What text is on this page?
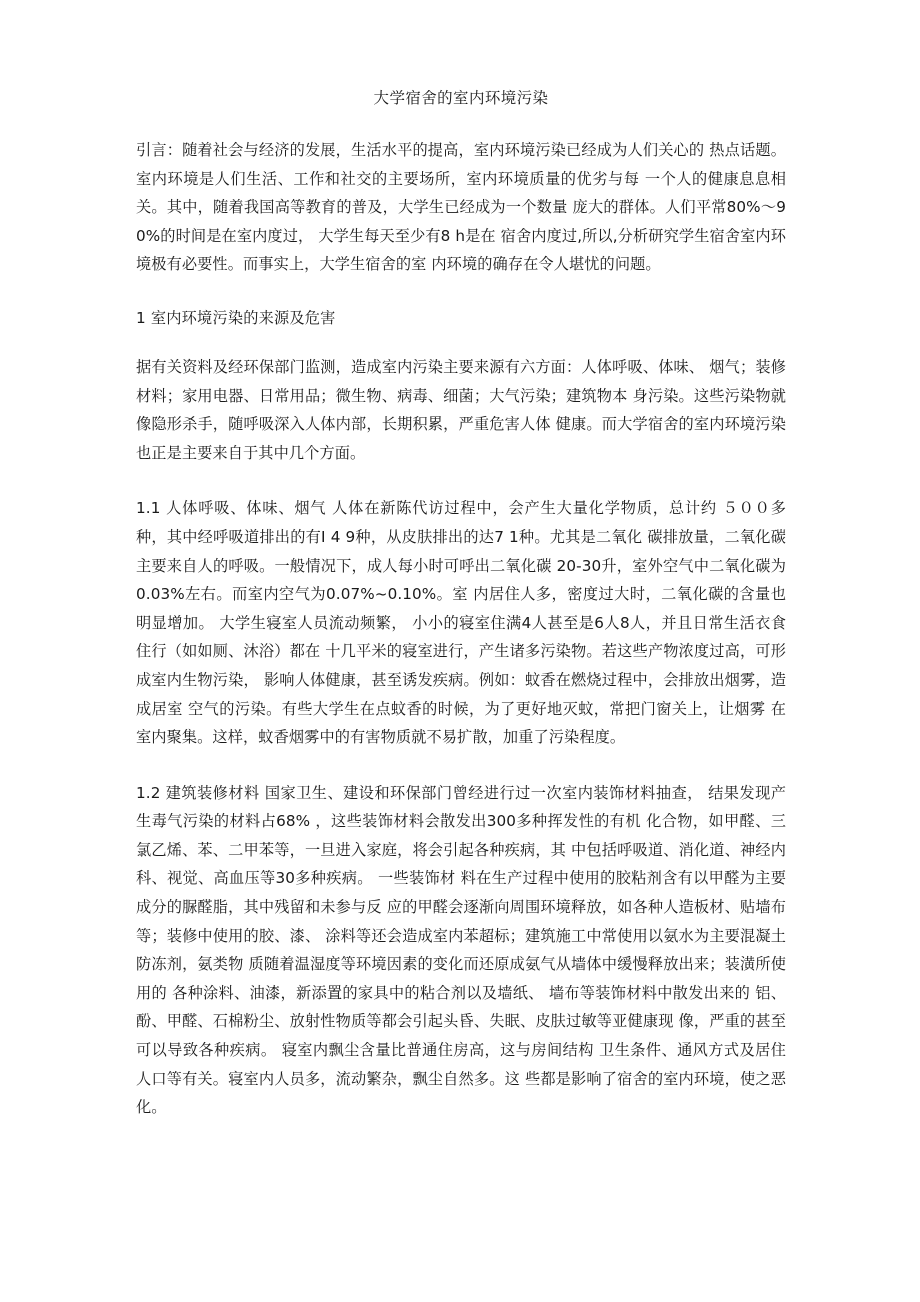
大学宿舍的室内环境污染

引言：随着社会与经济的发展，生活水平的提高，室内环境污染已经成为人们关心的 热点话题。室内环境是人们生活、工作和社交的主要场所，室内环境质量的优劣与每 一个人的健康息息相关。其中，随着我国高等教育的普及，大学生已经成为一个数量 庞大的群体。人们平常80%～90%的时间是在室内度过， 大学生每天至少有8 h是在 宿舍内度过,所以,分析研究学生宿舍室内环境极有必要性。而事实上，大学生宿舍的室 内环境的确存在令人堪忧的问题。

1 室内环境污染的来源及危害

据有关资料及经环保部门监测，造成室内污染主要来源有六方面：人体呼吸、体味、 烟气；装修材料；家用电器、日常用品；微生物、病毒、细菌；大气污染；建筑物本 身污染。这些污染物就像隐形杀手，随呼吸深入人体内部，长期积累，严重危害人体 健康。而大学宿舍的室内环境污染也正是主要来自于其中几个方面。

1.1 人体呼吸、体味、烟气 人体在新陈代访过程中，会产生大量化学物质，总计约 ５００多种，其中经呼吸道排出的有I 4 9种，从皮肤排出的达7 1种。尤其是二氧化 碳排放量，二氧化碳主要来自人的呼吸。一般情况下，成人每小时可呼出二氧化碳 20-30升，室外空气中二氧化碳为0.03%左右。而室内空气为0.07%~0.10%。室 内居住人多，密度过大时，二氧化碳的含量也明显增加。 大学生寝室人员流动频繁， 小小的寝室住满4人甚至是6人8人，并且日常生活衣食住行（如如厕、沐浴）都在 十几平米的寝室进行，产生诸多污染物。若这些产物浓度过高，可形成室内生物污染， 影响人体健康，甚至诱发疾病。例如：蚊香在燃烧过程中，会排放出烟雾，造成居室 空气的污染。有些大学生在点蚊香的时候，为了更好地灭蚊，常把门窗关上，让烟雾 在室内聚集。这样，蚊香烟雾中的有害物质就不易扩散，加重了污染程度。

1.2 建筑装修材料 国家卫生、建设和环保部门曾经进行过一次室内装饰材料抽查， 结果发现产生毒气污染的材料占68% ，这些装饰材料会散发出300多种挥发性的有机 化合物，如甲醛、三氯乙烯、苯、二甲苯等，一旦进入家庭，将会引起各种疾病，其 中包括呼吸道、消化道、神经内科、视觉、高血压等30多种疾病。 一些装饰材 料在生产过程中使用的胶粘剂含有以甲醛为主要成分的脲醛脂，其中残留和未参与反 应的甲醛会逐渐向周围环境释放，如各种人造板材、贴墙布等；装修中使用的胶、漆、 涂料等还会造成室内苯超标；建筑施工中常使用以氨水为主要混凝土防冻剂，氨类物 质随着温湿度等环境因素的变化而还原成氨气从墙体中缓慢释放出来；装潢所使用的 各种涂料、油漆，新添置的家具中的粘合剂以及墙纸、 墙布等装饰材料中散发出来的 铝、 酚、甲醛、石棉粉尘、放射性物质等都会引起头昏、失眠、皮肤过敏等亚健康现 像，严重的甚至可以导致各种疾病。 寝室内飘尘含量比普通住房高，这与房间结构 卫生条件、通风方式及居住人口等有关。寝室内人员多，流动繁杂，飘尘自然多。这 些都是影响了宿舍的室内环境，使之恶化。
